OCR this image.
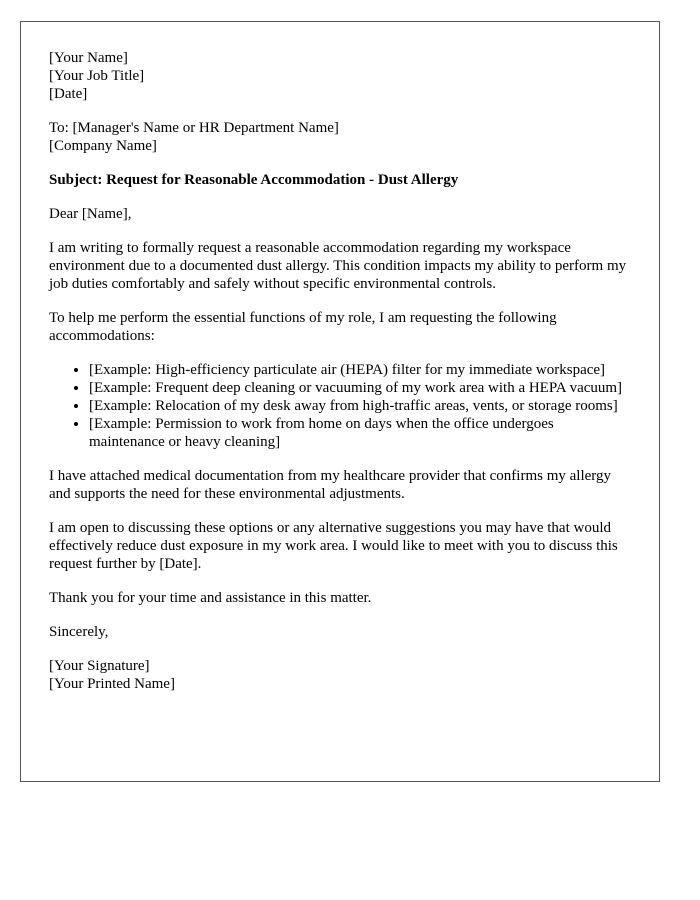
[Your Name]
[Your Job Title]
[Date]
To: [Manager's Name or HR Department Name]
[Company Name]

Subject: Request for Reasonable Accommodation - Dust Allergy

Dear [Name],

I am writing to formally request a reasonable accommodation regarding my workspace environment due to a documented dust allergy. This condition impacts my ability to perform my job duties comfortably and safely without specific environmental controls.

To help me perform the essential functions of my role, I am requesting the following accommodations:

• [Example: High-efficiency particulate air (HEPA) filter for my immediate workspace]
• [Example: Frequent deep cleaning or vacuuming of my work area with a HEPA vacuum]
• [Example: Relocation of my desk away from high-traffic areas, vents, or storage rooms]
• [Example: Permission to work from home on days when the office undergoes maintenance or heavy cleaning]

I have attached medical documentation from my healthcare provider that confirms my allergy and supports the need for these environmental adjustments.

I am open to discussing these options or any alternative suggestions you may have that would effectively reduce dust exposure in my work area. I would like to meet with you to discuss this request further by [Date].

Thank you for your time and assistance in this matter.

Sincerely,

[Your Signature]
[Your Printed Name]
